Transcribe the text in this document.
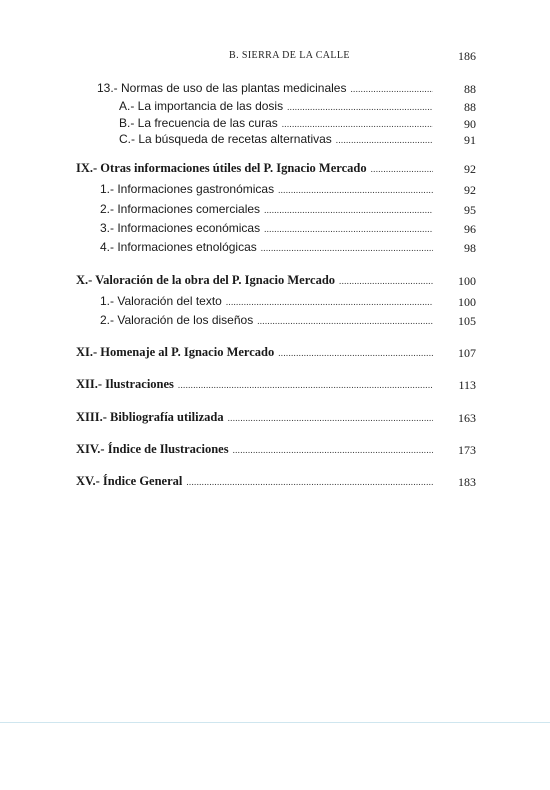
B. SIERRA DE LA CALLE	186
13.- Normas de uso de las plantas medicinales .....	88
A.- La importancia de las dosis .....	88
B.- La frecuencia de las curas .....	90
C.- La búsqueda de recetas alternativas .....	91
IX.- Otras informaciones útiles del P. Ignacio Mercado .....	92
1.- Informaciones gastronómicas .....	92
2.- Informaciones comerciales .....	95
3.- Informaciones económicas .....	96
4.- Informaciones etnológicas .....	98
X.- Valoración de la obra del P. Ignacio Mercado .....	100
1.- Valoración del texto .....	100
2.- Valoración de los diseños .....	105
XI.- Homenaje al P. Ignacio Mercado .....	107
XII.- Ilustraciones .....	113
XIII.- Bibliografía utilizada .....	163
XIV.- Índice de Ilustraciones .....	173
XV.- Índice General .....	183
